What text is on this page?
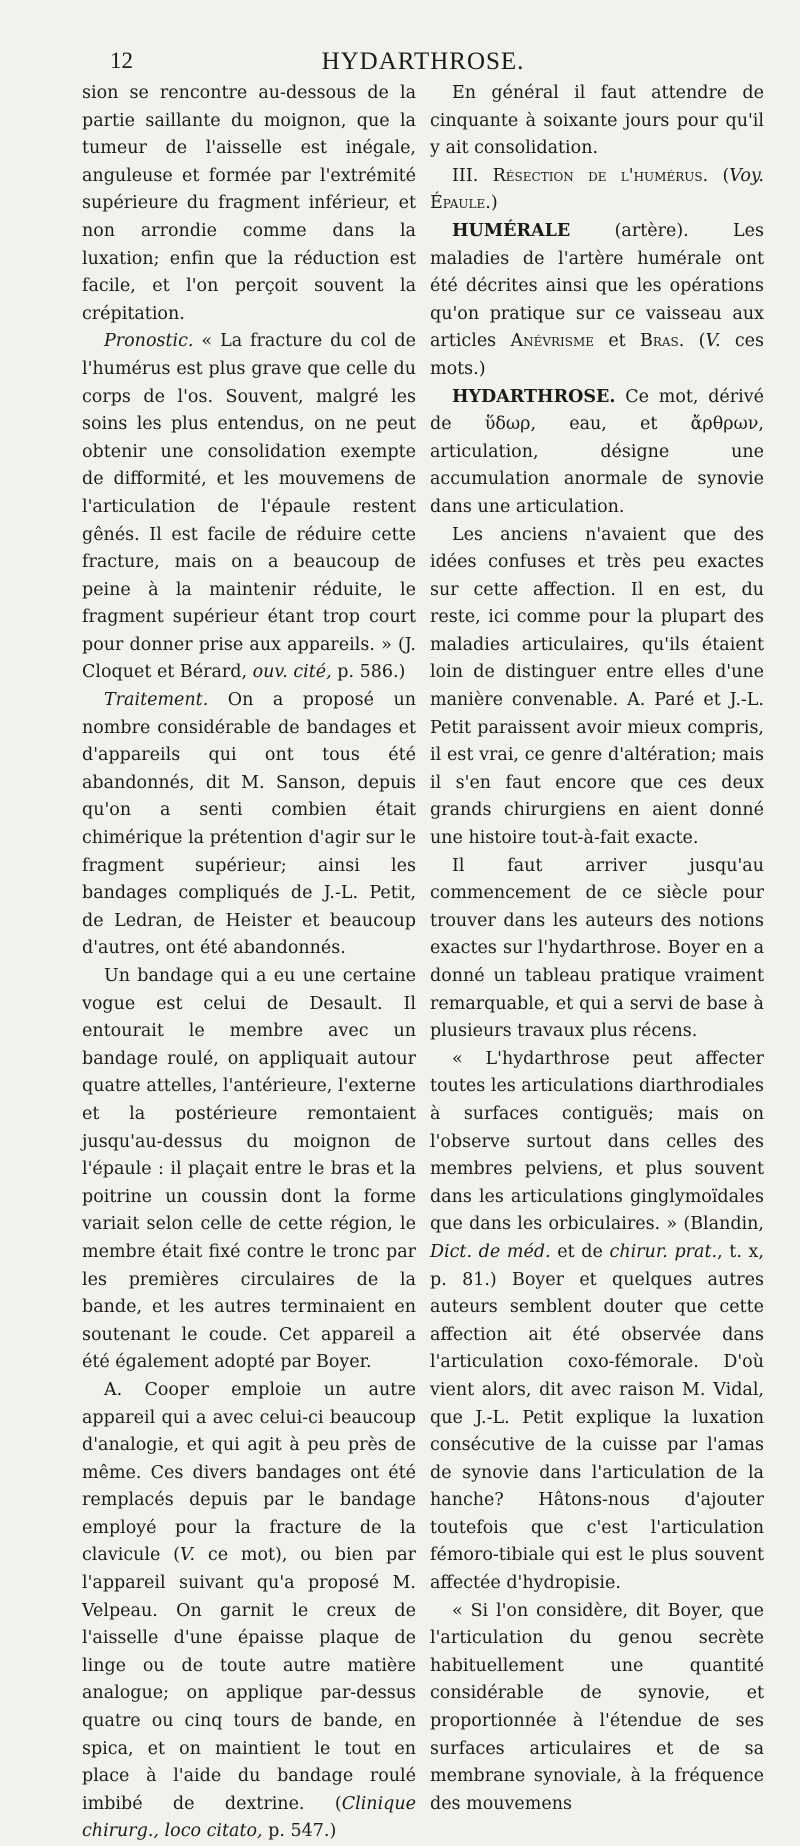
12	HYDARTHROSE.

sion se rencontre au-dessous de la partie saillante du moignon, que la tumeur de l'aisselle est inégale, anguleuse et formée par l'extrémité supérieure du fragment inférieur, et non arrondie comme dans la luxation; enfin que la réduction est facile, et l'on perçoit souvent la crépitation.

Pronostic. « La fracture du col de l'humérus est plus grave que celle du corps de l'os. Souvent, malgré les soins les plus entendus, on ne peut obtenir une consolidation exempte de difformité, et les mouvemens de l'articulation de l'épaule restent gênés. Il est facile de réduire cette fracture, mais on a beaucoup de peine à la maintenir réduite, le fragment supérieur étant trop court pour donner prise aux appareils. » (J. Cloquet et Bérard, ouv. cité, p. 586.)

Traitement. On a proposé un nombre considérable de bandages et d'appareils qui ont tous été abandonnés, dit M. Sanson, depuis qu'on a senti combien était chimérique la prétention d'agir sur le fragment supérieur; ainsi les bandages compliqués de J.-L. Petit, de Ledran, de Heister et beaucoup d'autres, ont été abandonnés.

Un bandage qui a eu une certaine vogue est celui de Desault. Il entourait le membre avec un bandage roulé, on appliquait autour quatre attelles, l'antérieure, l'externe et la postérieure remontaient jusqu'au-dessus du moignon de l'épaule : il plaçait entre le bras et la poitrine un coussin dont la forme variait selon celle de cette région, le membre était fixé contre le tronc par les premières circulaires de la bande, et les autres terminaient en soutenant le coude. Cet appareil a été également adopté par Boyer.

A. Cooper emploie un autre appareil qui a avec celui-ci beaucoup d'analogie, et qui agit à peu près de même. Ces divers bandages ont été remplacés depuis par le bandage employé pour la fracture de la clavicule (V. ce mot), ou bien par l'appareil suivant qu'a proposé M. Velpeau. On garnit le creux de l'aisselle d'une épaisse plaque de linge ou de toute autre matière analogue; on applique par-dessus quatre ou cinq tours de bande, en spica, et on maintient le tout en place à l'aide du bandage roulé imbibé de dextrine. (Clinique chirurg., loco citato, p. 547.)

En général il faut attendre de cinquante à soixante jours pour qu'il y ait consolidation.

III. Résection de l'humérus. (Voy. Épaule.)

HUMÉRALE (artère). Les maladies de l'artère humérale ont été décrites ainsi que les opérations qu'on pratique sur ce vaisseau aux articles Anévrisme et Bras. (V. ces mots.)

HYDARTHROSE. Ce mot, dérivé de ὕδωρ, eau, et ἄρθρων, articulation, désigne une accumulation anormale de synovie dans une articulation.

Les anciens n'avaient que des idées confuses et très peu exactes sur cette affection. Il en est, du reste, ici comme pour la plupart des maladies articulaires, qu'ils étaient loin de distinguer entre elles d'une manière convenable. A. Paré et J.-L. Petit paraissent avoir mieux compris, il est vrai, ce genre d'altération; mais il s'en faut encore que ces deux grands chirurgiens en aient donné une histoire tout-à-fait exacte.

Il faut arriver jusqu'au commencement de ce siècle pour trouver dans les auteurs des notions exactes sur l'hydarthrose. Boyer en a donné un tableau pratique vraiment remarquable, et qui a servi de base à plusieurs travaux plus récens.

« L'hydarthrose peut affecter toutes les articulations diarthrodiales à surfaces contiguës; mais on l'observe surtout dans celles des membres pelviens, et plus souvent dans les articulations ginglymoïdales que dans les orbiculaires. » (Blandin, Dict. de méd. et de chirur. prat., t. x, p. 81.) Boyer et quelques autres auteurs semblent douter que cette affection ait été observée dans l'articulation coxo-fémorale. D'où vient alors, dit avec raison M. Vidal, que J.-L. Petit explique la luxation consécutive de la cuisse par l'amas de synovie dans l'articulation de la hanche? Hâtons-nous d'ajouter toutefois que c'est l'articulation fémoro-tibiale qui est le plus souvent affectée d'hydropisie.

« Si l'on considère, dit Boyer, que l'articulation du genou secrète habituellement une quantité considérable de synovie, et proportionnée à l'étendue de ses surfaces articulaires et de sa membrane synoviale, à la fréquence des mouvemens
